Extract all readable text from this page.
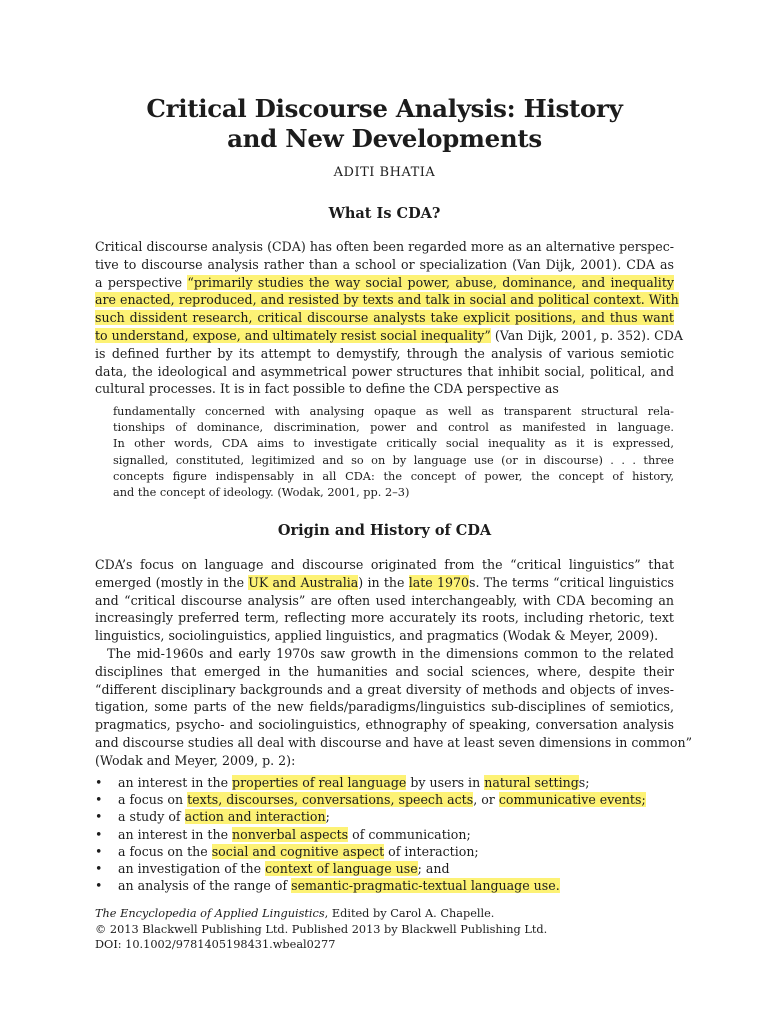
Critical Discourse Analysis: History
and New Developments
ADITI BHATIA
What Is CDA?

Critical discourse analysis (CDA) has often been regarded more as an alternative perspec-
tive to discourse analysis rather than a school or specialization (Van Dijk, 2001). CDA as
a perspective “primarily studies the way social power, abuse, dominance, and inequality
are enacted, reproduced, and resisted by texts and talk in social and political context. With
such dissident research, critical discourse analysts take explicit positions, and thus want
to understand, expose, and ultimately resist social inequality” (Van Dijk, 2001, p. 352). CDA
is defined further by its attempt to demystify, through the analysis of various semiotic
data, the ideological and asymmetrical power structures that inhibit social, political, and
cultural processes. It is in fact possible to define the CDA perspective as

fundamentally concerned with analysing opaque as well as transparent structural rela-
tionships of dominance, discrimination, power and control as manifested in language.
In other words, CDA aims to investigate critically social inequality as it is expressed,
signalled, constituted, legitimized and so on by language use (or in discourse) . . . three
concepts figure indispensably in all CDA: the concept of power, the concept of history,
and the concept of ideology. (Wodak, 2001, pp. 2–3)

Origin and History of CDA

CDA’s focus on language and discourse originated from the “critical linguistics” that
emerged (mostly in the UK and Australia) in the late 1970s. The terms “critical linguistics
and “critical discourse analysis” are often used interchangeably, with CDA becoming an
increasingly preferred term, reflecting more accurately its roots, including rhetoric, text
linguistics, sociolinguistics, applied linguistics, and pragmatics (Wodak & Meyer, 2009).

The mid-1960s and early 1970s saw growth in the dimensions common to the related
disciplines that emerged in the humanities and social sciences, where, despite their
“different disciplinary backgrounds and a great diversity of methods and objects of inves-
tigation, some parts of the new fields/paradigms/linguistics sub-disciplines of semiotics,
pragmatics, psycho- and sociolinguistics, ethnography of speaking, conversation analysis
and discourse studies all deal with discourse and have at least seven dimensions in common”
(Wodak and Meyer, 2009, p. 2):

• an interest in the properties of real language by users in natural settings;
• a focus on texts, discourses, conversations, speech acts, or communicative events;
• a study of action and interaction;
• an interest in the nonverbal aspects of communication;
• a focus on the social and cognitive aspect of interaction;
• an investigation of the context of language use; and
• an analysis of the range of semantic-pragmatic-textual language use.
The Encyclopedia of Applied Linguistics, Edited by Carol A. Chapelle.
© 2013 Blackwell Publishing Ltd. Published 2013 by Blackwell Publishing Ltd.
DOI: 10.1002/9781405198431.wbeal0277
